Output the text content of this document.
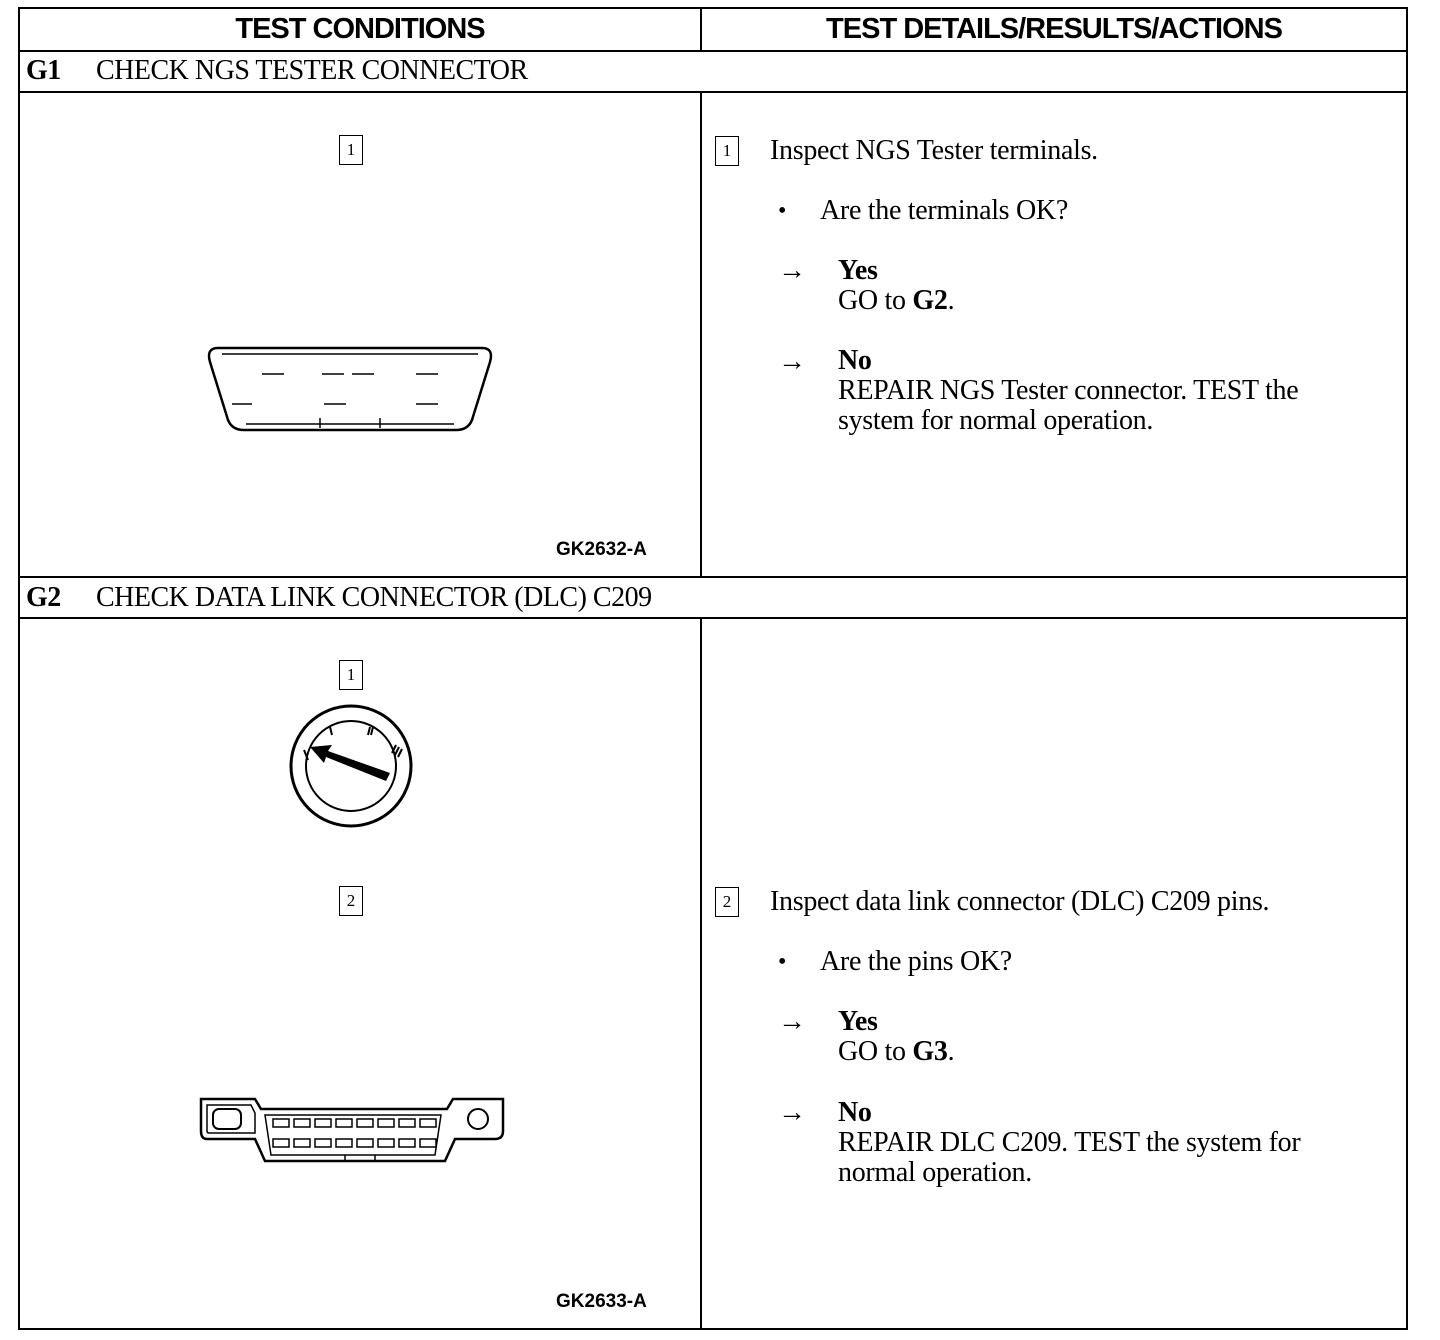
TEST CONDITIONS	TEST DETAILS/RESULTS/ACTIONS
G1 CHECK NGS TESTER CONNECTOR
1
GK2632-A
1 Inspect NGS Tester terminals.
• Are the terminals OK?
→ Yes
GO to G2.
→ No
REPAIR NGS Tester connector. TEST the
system for normal operation.
G2 CHECK DATA LINK CONNECTOR (DLC) C209
1
2
GK2633-A
2 Inspect data link connector (DLC) C209 pins.
• Are the pins OK?
→ Yes
GO to G3.
→ No
REPAIR DLC C209. TEST the system for
normal operation.
